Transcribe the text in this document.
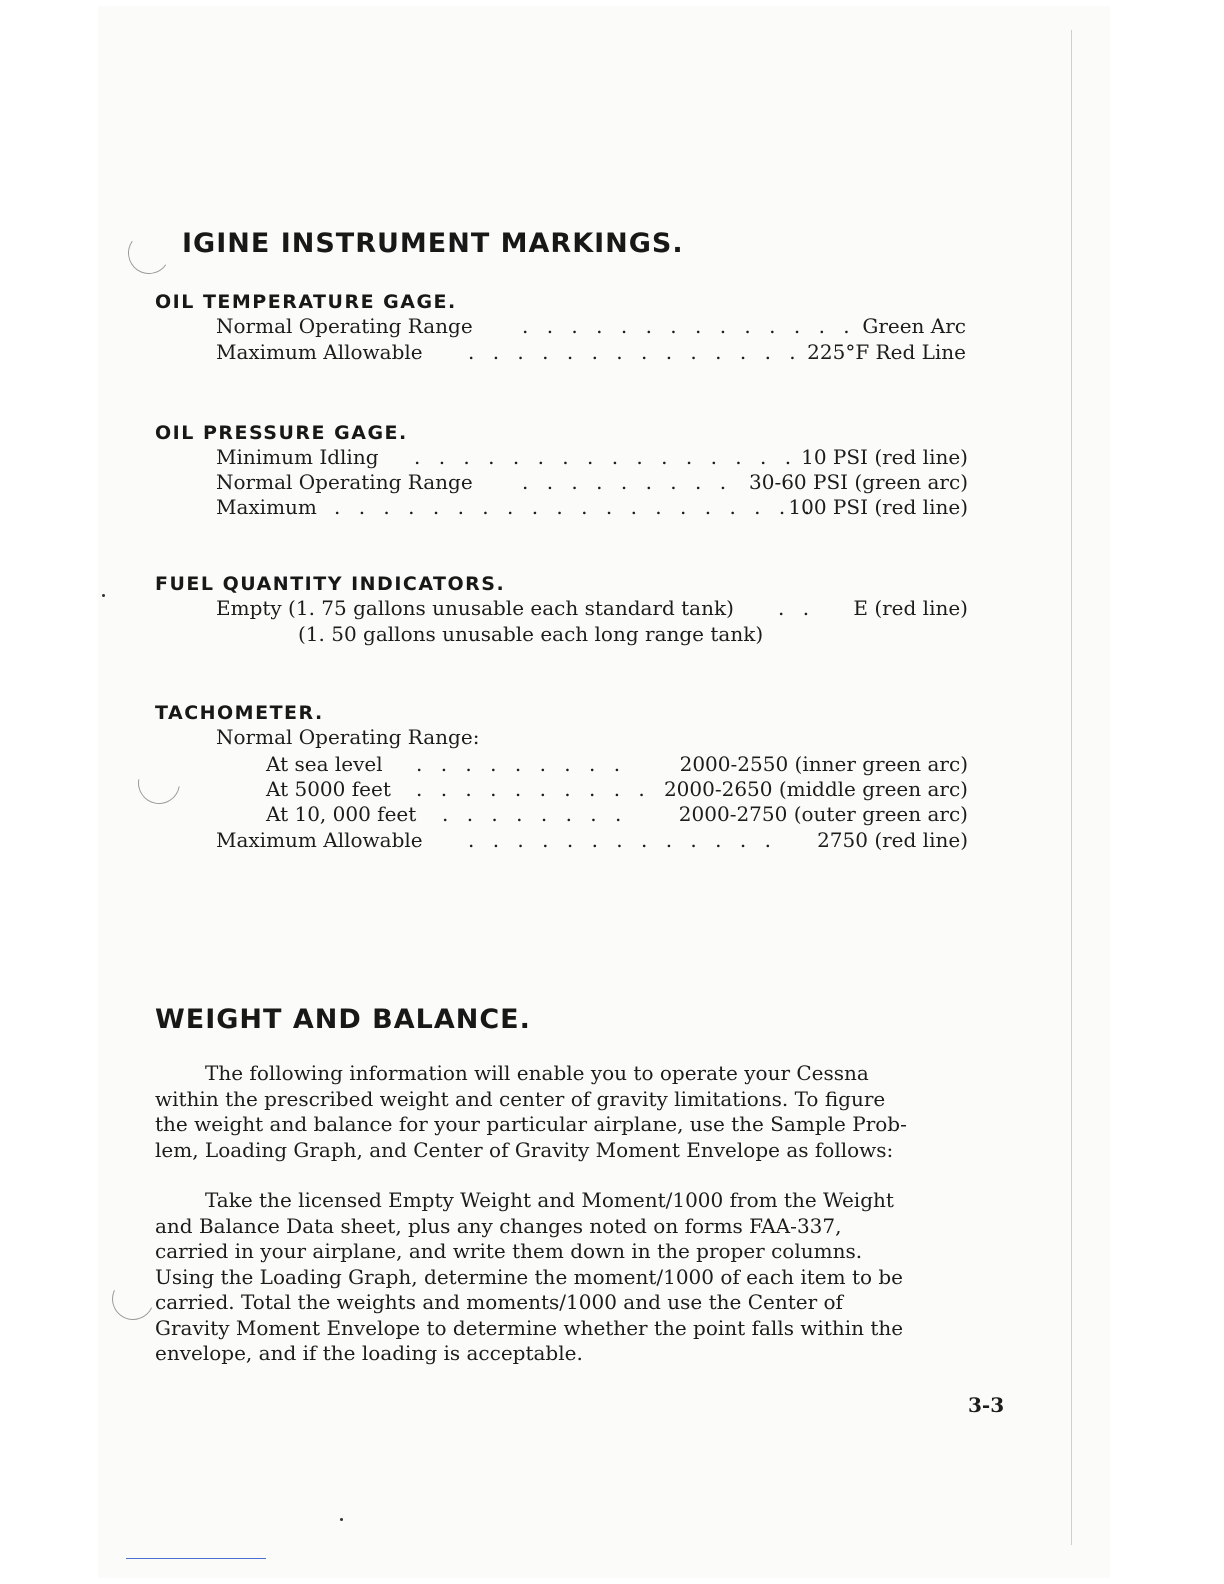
IGINE INSTRUMENT MARKINGS.
OIL TEMPERATURE GAGE.
Normal Operating Range . . . . . . . . . . . . . . Green Arc
Maximum Allowable . . . . . . . . . . . . . . 225°F Red Line
OIL PRESSURE GAGE.
Minimum Idling . . . . . . . . . . . . . . . . 10 PSI (red line)
Normal Operating Range . . . . . . . . . 30-60 PSI (green arc)
Maximum . . . . . . . . . . . . . . . . . . . .
100 PSI (red line)
FUEL QUANTITY INDICATORS.
Empty (1. 75 gallons unusable each standard tank) . . E (red line)
(1. 50 gallons unusable each long range tank)
TACHOMETER.
Normal Operating Range:
At sea level . . . . . . . . .	2000-2550 (inner green arc)
At 5000 feet . . . . . . . . . . 2000-2650 (middle green arc)
At 10, 000 feet . . . . . . . .	2000-2750 (outer green arc)
Maximum Allowable . . . . . . . . . . . . . 2750 (red line)
WEIGHT AND BALANCE.
The following information will enable you to operate your Cessna
within the prescribed weight and center of gravity limitations. To figure
the weight and balance for your particular airplane, use the Sample Prob-
lem, Loading Graph, and Center of Gravity Moment Envelope as follows:
Take the licensed Empty Weight and Moment/1000 from the Weight
and Balance Data sheet, plus any changes noted on forms FAA-337,
carried in your airplane, and write them down in the proper columns.
Using the Loading Graph, determine the moment/1000 of each item to be
carried. Total the weights and moments/1000 and use the Center of
Gravity Moment Envelope to determine whether the point falls within the
envelope, and if the loading is acceptable.
3-3
